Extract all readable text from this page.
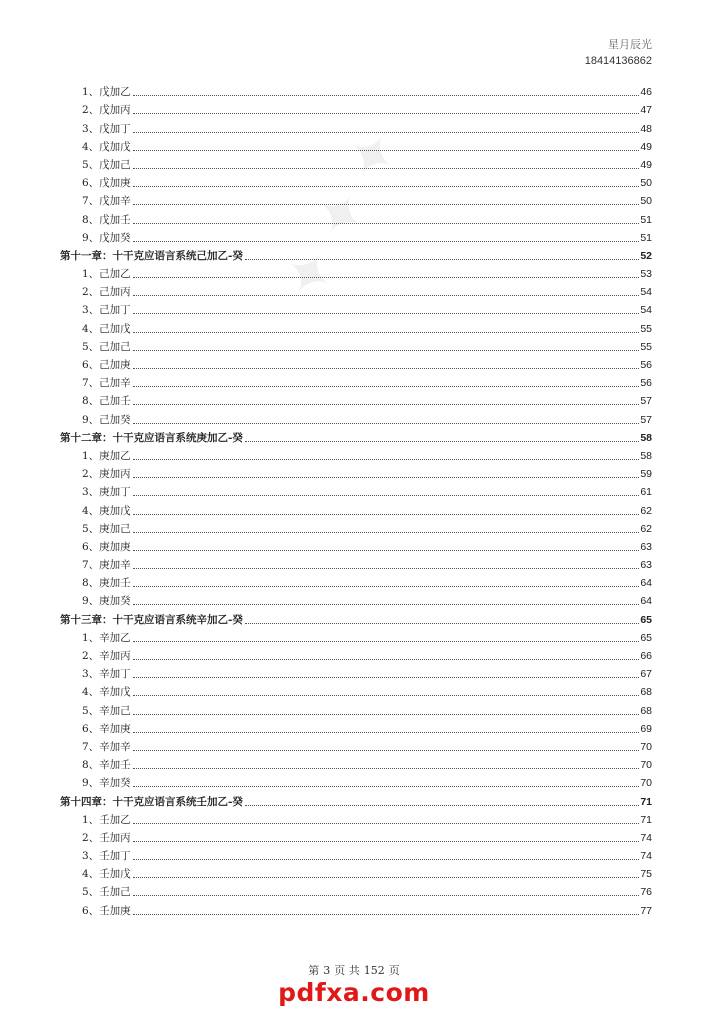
✦ ✦ ✦
星月辰光
18414136862
1、戊加乙	46
2、戊加丙	47
3、戊加丁	48
4、戊加戊	49
5、戊加己	49
6、戊加庚	50
7、戊加辛	50
8、戊加壬	51
9、戊加癸	51
第十一章：十干克应语言系统己加乙-癸	52
1、己加乙	53
2、己加丙	54
3、己加丁	54
4、己加戊	55
5、己加己	55
6、己加庚	56
7、己加辛	56
8、己加壬	57
9、己加癸	57
第十二章：十干克应语言系统庚加乙-癸	58
1、庚加乙	58
2、庚加丙	59
3、庚加丁	61
4、庚加戊	62
5、庚加己	62
6、庚加庚	63
7、庚加辛	63
8、庚加壬	64
9、庚加癸	64
第十三章：十干克应语言系统辛加乙-癸	65
1、辛加乙	65
2、辛加丙	66
3、辛加丁	67
4、辛加戊	68
5、辛加己	68
6、辛加庚	69
7、辛加辛	70
8、辛加壬	70
9、辛加癸	70
第十四章：十干克应语言系统壬加乙-癸	71
1、壬加乙	71
2、壬加丙	74
3、壬加丁	74
4、壬加戊	75
5、壬加己	76
6、壬加庚	77
第 3 页 共 152 页
pdfxa.com
